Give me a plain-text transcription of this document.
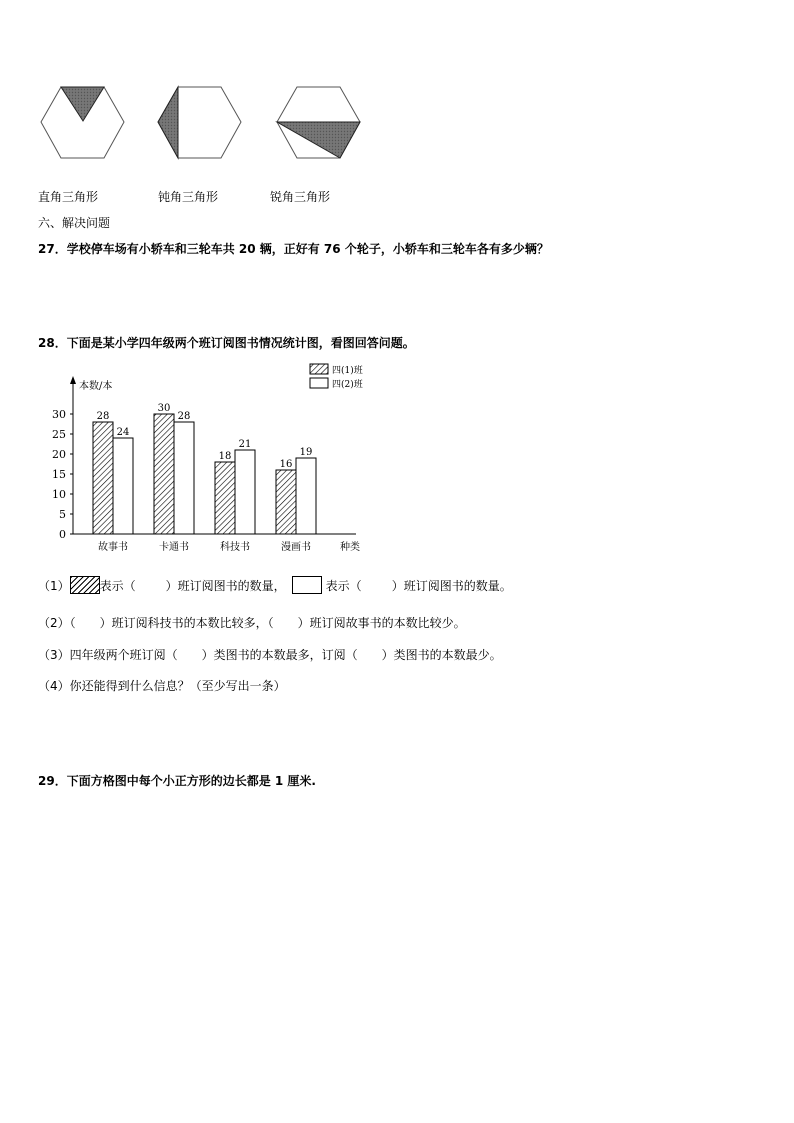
直角三角形	钝角三角形	锐角三角形
六、解决问题
27．学校停车场有小轿车和三轮车共 20 辆，正好有 76 个轮子，小轿车和三轮车各有多少辆？
28．下面是某小学四年级两个班订阅图书情况统计图，看图回答问题。
本数/本
种类
0
5
10
15
20
25
30
故事书	卡通书	科技书	漫画书
28
24
30
28
18
21
16
19
四(1)班
四(2)班
（1）	表示（	）班订阅图书的数量，	表示（	）班订阅图书的数量。
（2）（　　）班订阅科技书的本数比较多，（　　）班订阅故事书的本数比较少。
（3）四年级两个班订阅（　　）类图书的本数最多，订阅（　　）类图书的本数最少。
（4）你还能得到什么信息？（至少写出一条）
29．下面方格图中每个小正方形的边长都是 1 厘米.
